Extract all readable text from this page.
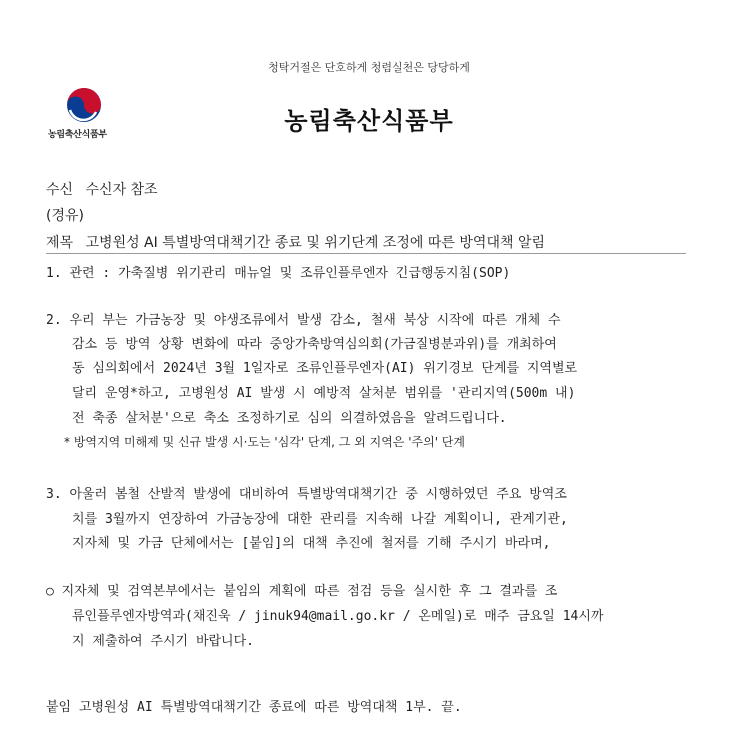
청탁거절은 단호하게 청렴실천은 당당하게
농림축산식품부	농림축산식품부
수신 수신자 참조
(경유)
제목 고병원성 AI 특별방역대책기간 종료 및 위기단계 조정에 따른 방역대책 알림
1. 관련 : 가축질병 위기관리 매뉴얼 및 조류인플루엔자 긴급행동지침(SOP)
2. 우리 부는 가금농장 및 야생조류에서 발생 감소, 철새 북상 시작에 따른 개체 수
감소 등 방역 상황 변화에 따라 중앙가축방역심의회(가금질병분과위)를 개최하여
동 심의회에서 2024년 3월 1일자로 조류인플루엔자(AI) 위기경보 단계를 지역별로
달리 운영*하고, 고병원성 AI 발생 시 예방적 살처분 범위를 '관리지역(500m 내)
전 축종 살처분'으로 축소 조정하기로 심의 의결하였음을 알려드립니다.
* 방역지역 미해제 및 신규 발생 시·도는 '심각' 단계, 그 외 지역은 '주의' 단계
3. 아울러 봄철 산발적 발생에 대비하여 특별방역대책기간 중 시행하였던 주요 방역조
치를 3월까지 연장하여 가금농장에 대한 관리를 지속해 나갈 계획이니, 관계기관,
지자체 및 가금 단체에서는 [붙임]의 대책 추진에 철저를 기해 주시기 바라며,
○ 지자체 및 검역본부에서는 붙임의 계획에 따른 점검 등을 실시한 후 그 결과를 조
류인플루엔자방역과(채진욱 / jinuk94@mail.go.kr / 온메일)로 매주 금요일 14시까
지 제출하여 주시기 바랍니다.
붙임 고병원성 AI 특별방역대책기간 종료에 따른 방역대책 1부. 끝.
